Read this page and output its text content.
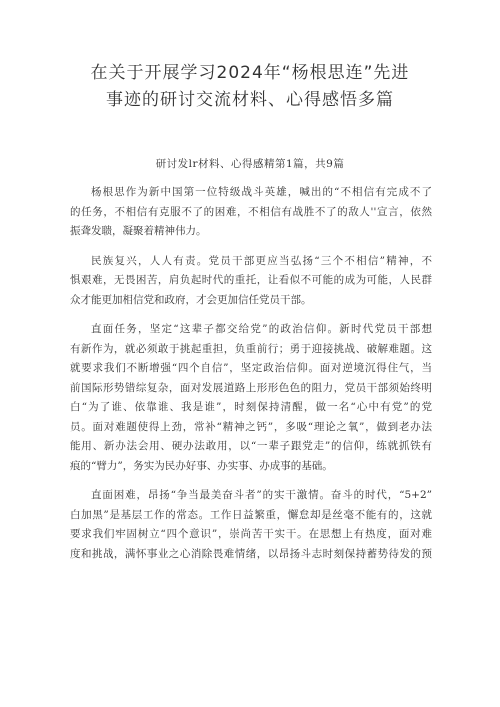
在关于开展学习2024年“杨根思连”先进
事迹的研讨交流材料、心得感悟多篇
研讨发lr材料、心得感精第1篇，共9篇
杨根思作为新中国第一位特级战斗英雄，喊出的“不相信有完成不了
的任务，不相信有克服不了的困难，不相信有战胜不了的敌人''宣言，依然
振聋发聩，凝聚着精神伟力。
民族复兴，人人有责。党员干部更应当弘扬“三个不相信”精神，不
惧艰难，无畏困苦，肩负起时代的重托，让看似不可能的成为可能，人民群
众才能更加相信党和政府，才会更加信任党员干部。
直面任务，坚定“这辈子都交给党”的政治信仰。新时代党员干部想
有新作为，就必须敢于挑起重担，负重前行；勇于迎接挑战、破解难题。这
就要求我们不断增强“四个自信”，坚定政治信仰。面对逆境沉得住气，当
前国际形势错综复杂，面对发展道路上形形色色的阻力，党员干部须始终明
白“为了谁、依靠谁、我是谁”，时刻保持清醒，做一名“心中有党”的党
员。面对难题使得上劲，常补“精神之钙”，多吸“理论之氧”，做到老办法
能用、新办法会用、硬办法敢用，以“一辈子跟党走”的信仰，练就抓铁有
痕的“臂力”，务实为民办好事、办实事、办成事的基础。
直面困难，昂扬“争当最美奋斗者”的实干激情。奋斗的时代，“5+2”
白加黑”是基层工作的常态。工作日益繁重，懈怠却是丝毫不能有的，这就
要求我们牢固树立“四个意识”，崇尚苦干实干。在思想上有热度，面对难
度和挑战，满怀事业之心消除畏难情绪，以昂扬斗志时刻保持蓄势待发的预
